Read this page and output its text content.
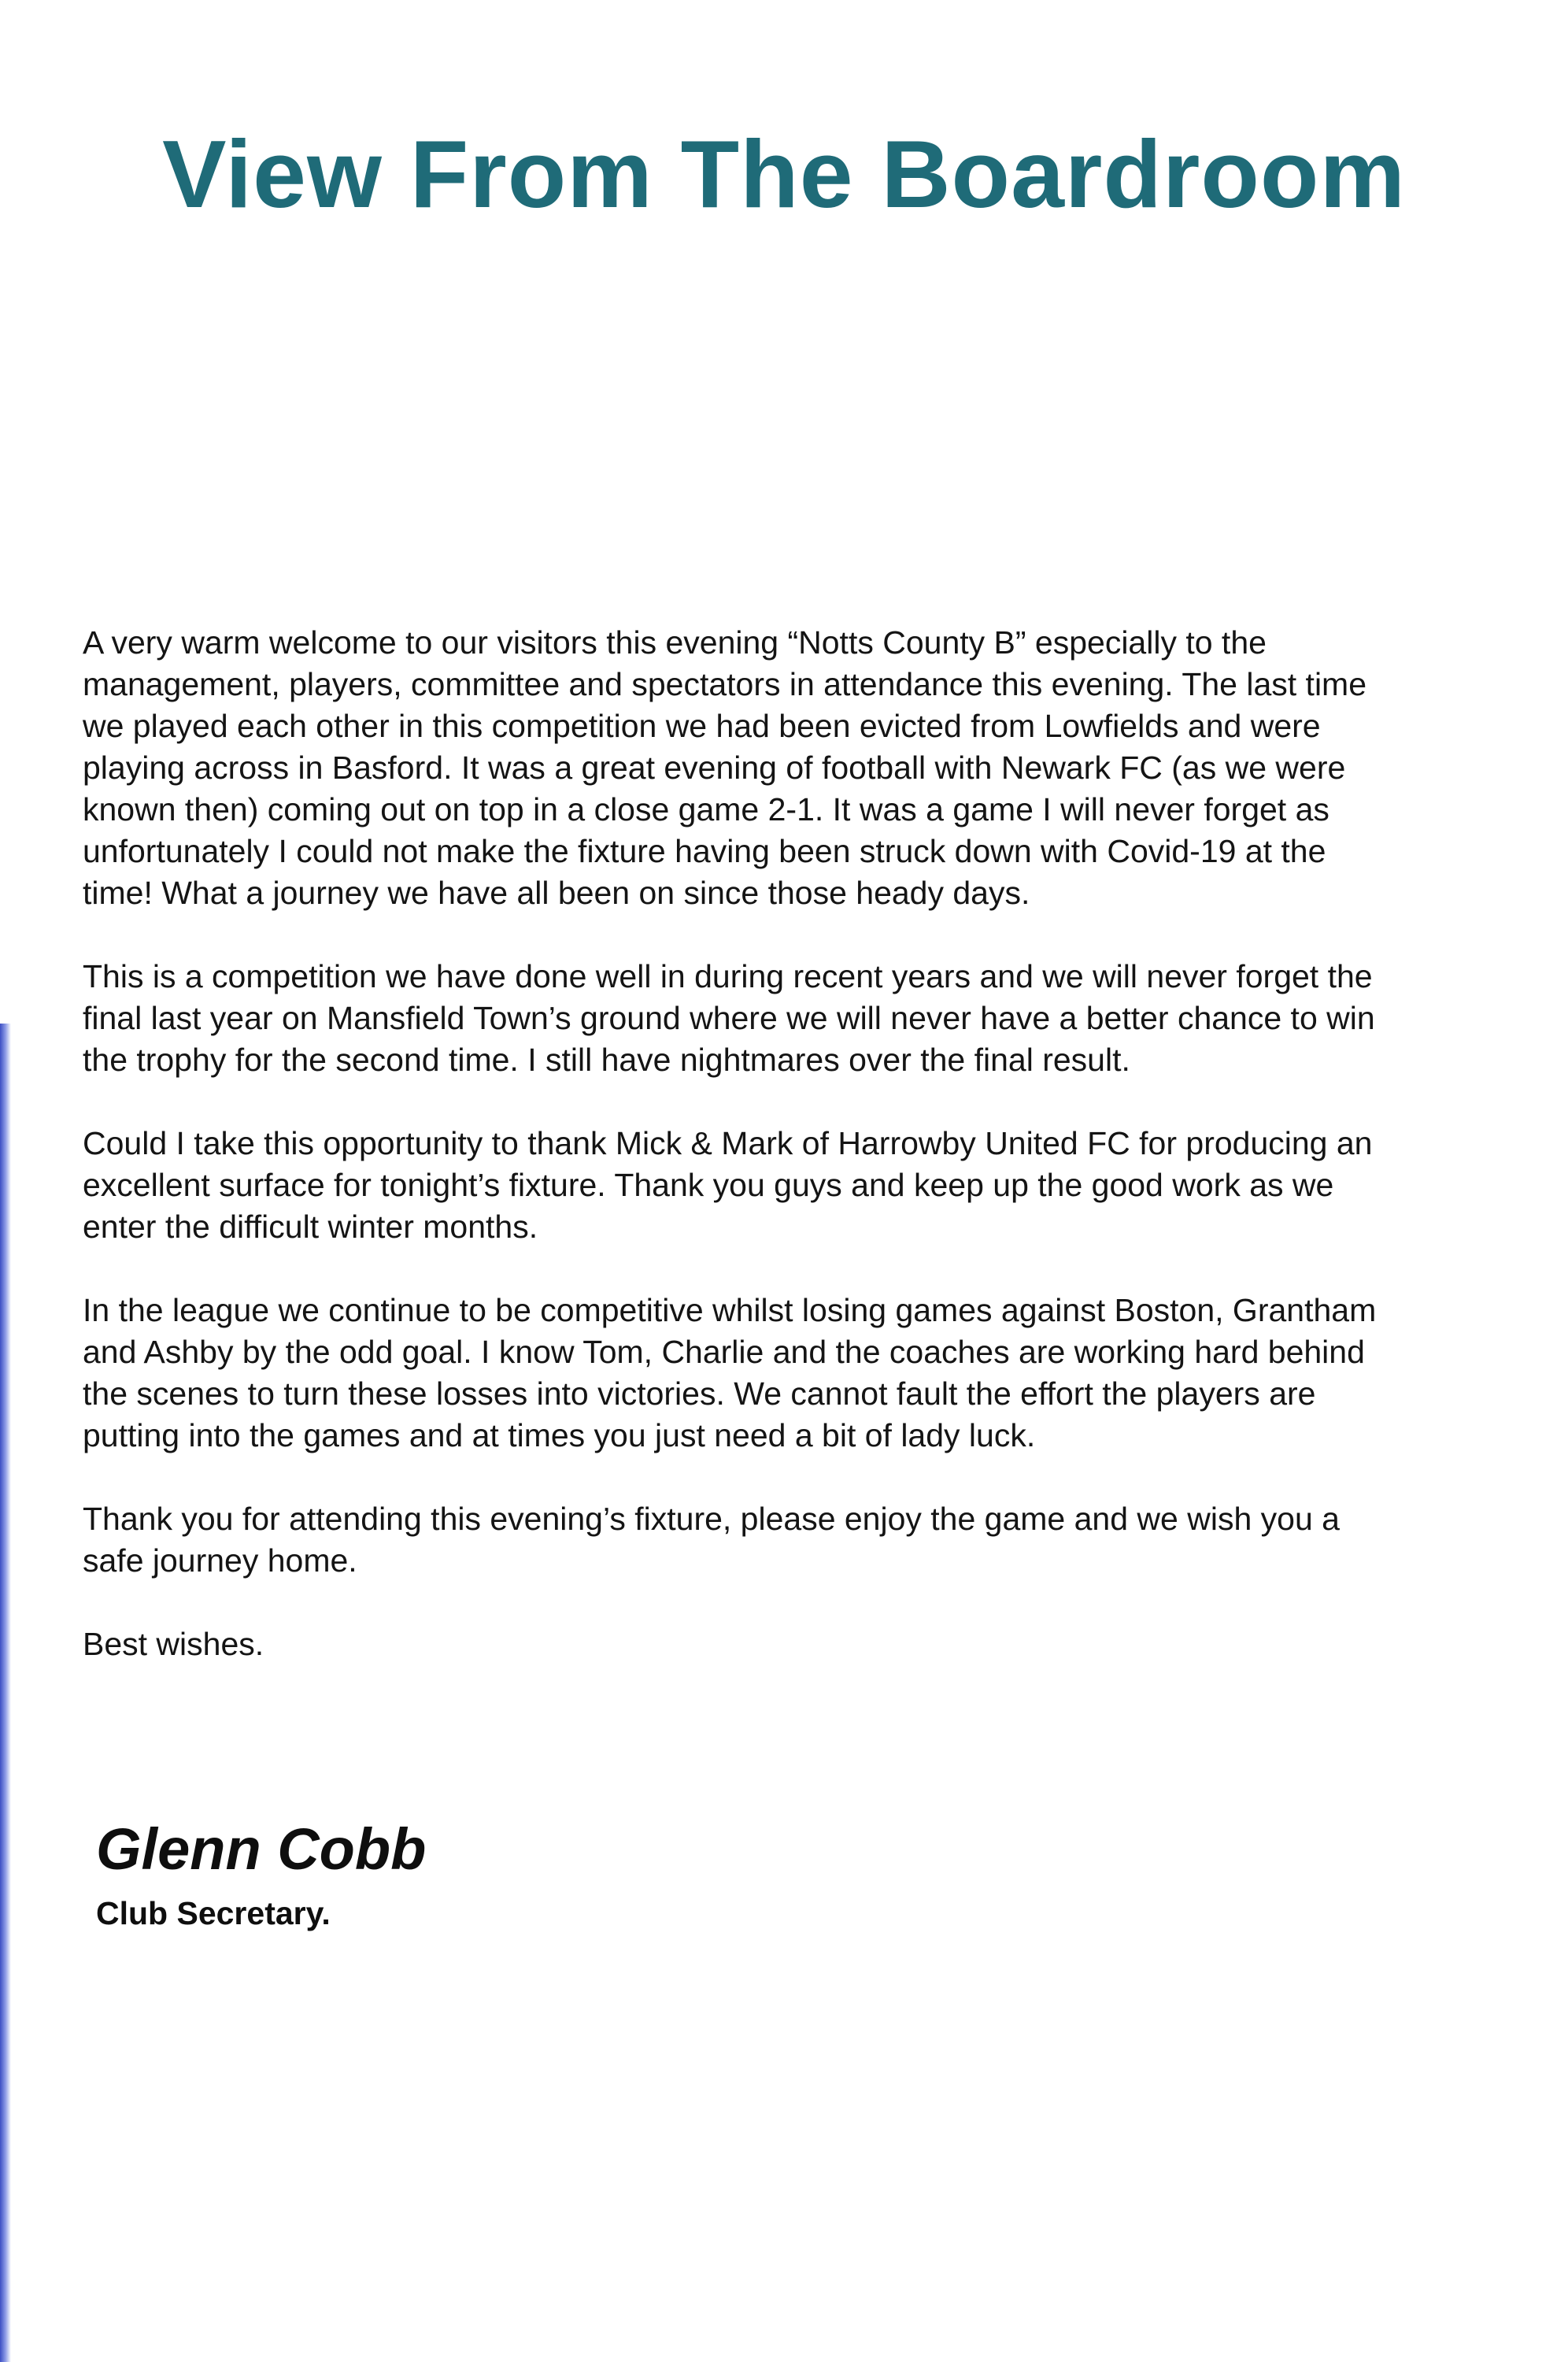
View From The Boardroom

A very warm welcome to our visitors this evening “Notts County B” especially to the
management, players, committee and spectators in attendance this evening. The last time
we played each other in this competition we had been evicted from Lowfields and were
playing across in Basford. It was a great evening of football with Newark FC (as we were
known then) coming out on top in a close game 2-1. It was a game I will never forget as
unfortunately I could not make the fixture having been struck down with Covid-19 at the
time! What a journey we have all been on since those heady days.

This is a competition we have done well in during recent years and we will never forget the
final last year on Mansfield Town’s ground where we will never have a better chance to win
the trophy for the second time. I still have nightmares over the final result.

Could I take this opportunity to thank Mick & Mark of Harrowby United FC for producing an
excellent surface for tonight’s fixture. Thank you guys and keep up the good work as we
enter the difficult winter months.

In the league we continue to be competitive whilst losing games against Boston, Grantham
and Ashby by the odd goal. I know Tom, Charlie and the coaches are working hard behind
the scenes to turn these losses into victories. We cannot fault the effort the players are
putting into the games and at times you just need a bit of lady luck.

Thank you for attending this evening’s fixture, please enjoy the game and we wish you a
safe journey home.

Best wishes.

Glenn Cobb
Club Secretary.
